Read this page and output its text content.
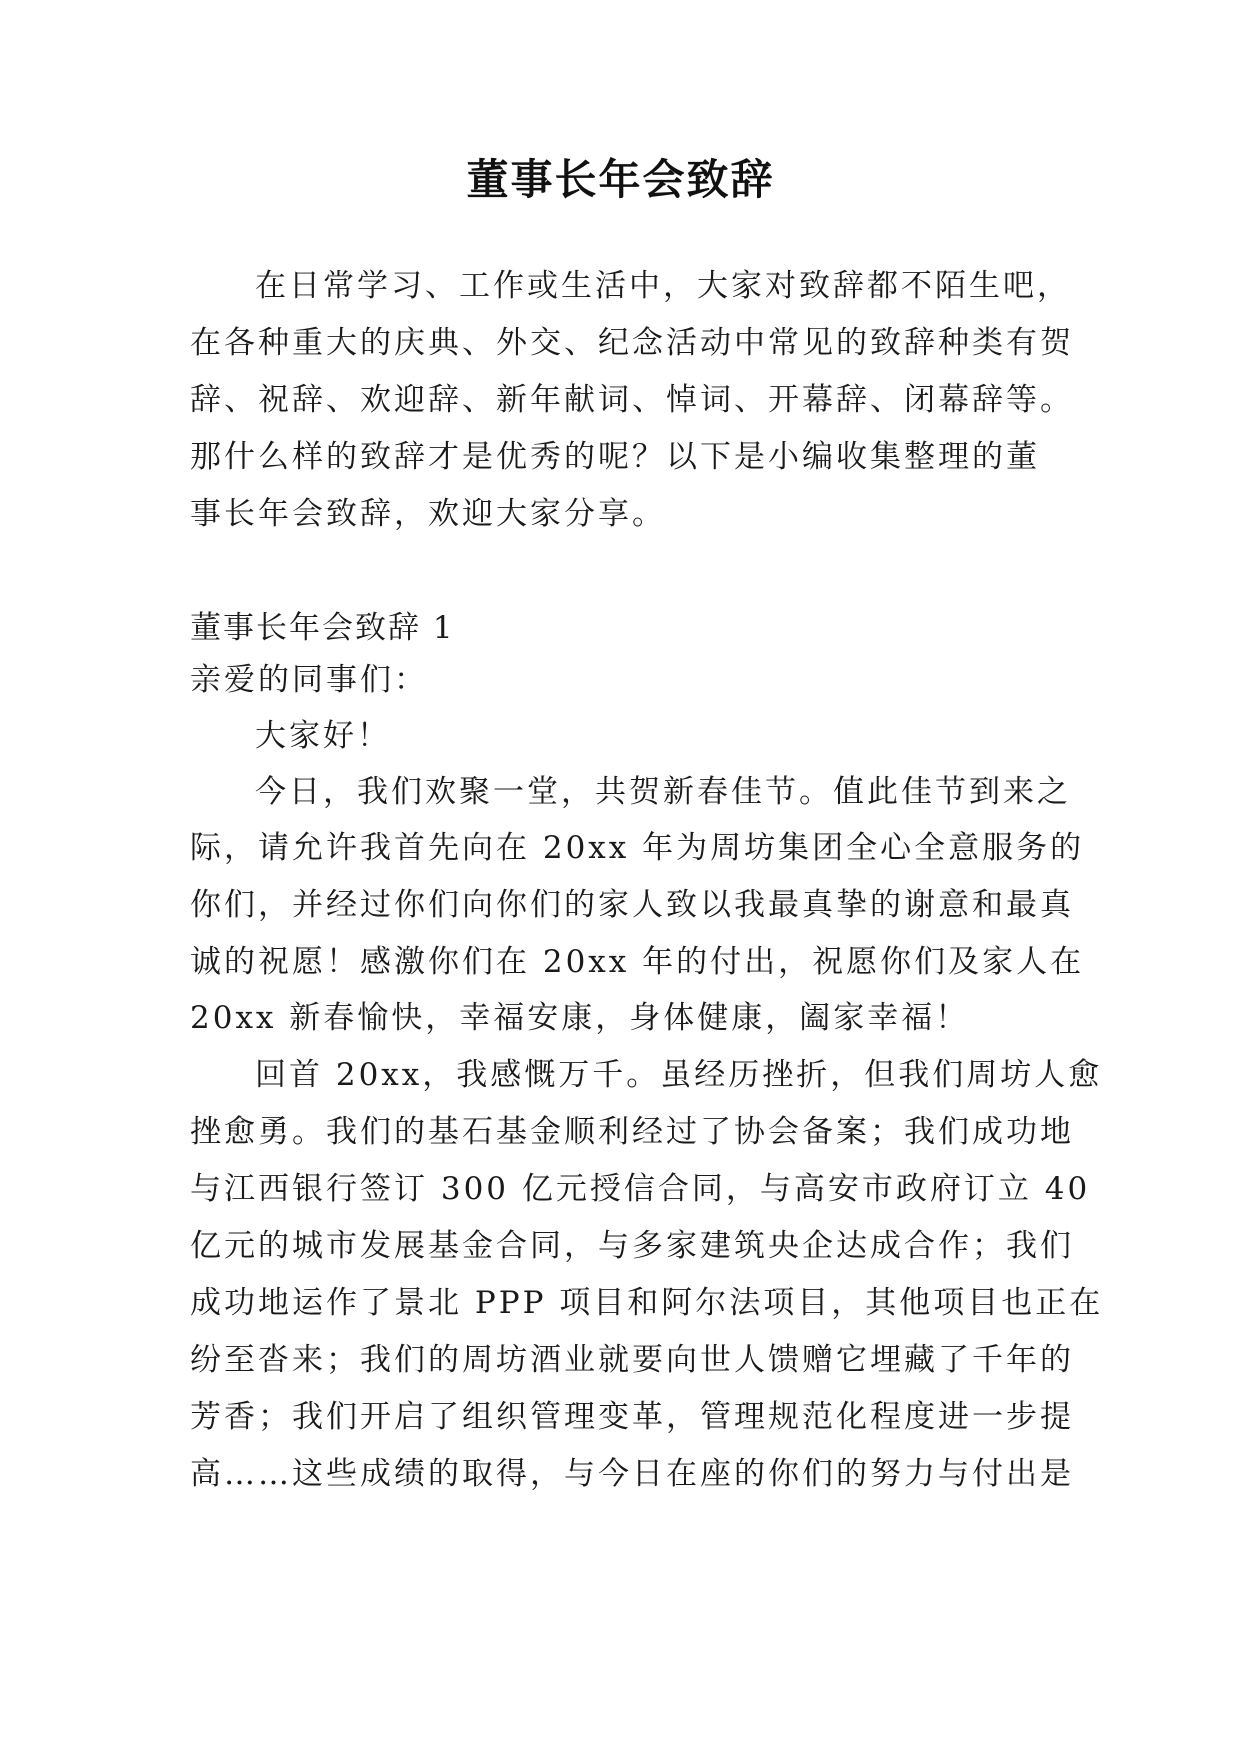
董事长年会致辞
在日常学习、工作或生活中，大家对致辞都不陌生吧，
在各种重大的庆典、外交、纪念活动中常见的致辞种类有贺
辞、祝辞、欢迎辞、新年献词、悼词、开幕辞、闭幕辞等。
那什么样的致辞才是优秀的呢？以下是小编收集整理的董
事长年会致辞，欢迎大家分享。
董事长年会致辞 1
亲爱的同事们：
大家好！
今日，我们欢聚一堂，共贺新春佳节。值此佳节到来之
际，请允许我首先向在 20xx 年为周坊集团全心全意服务的
你们，并经过你们向你们的家人致以我最真挚的谢意和最真
诚的祝愿！感激你们在 20xx 年的付出，祝愿你们及家人在
20xx 新春愉快，幸福安康，身体健康，阖家幸福！
回首 20xx，我感慨万千。虽经历挫折，但我们周坊人愈
挫愈勇。我们的基石基金顺利经过了协会备案；我们成功地
与江西银行签订 300 亿元授信合同，与高安市政府订立 40
亿元的城市发展基金合同，与多家建筑央企达成合作；我们
成功地运作了景北 PPP 项目和阿尔法项目，其他项目也正在
纷至沓来；我们的周坊酒业就要向世人馈赠它埋藏了千年的
芳香；我们开启了组织管理变革，管理规范化程度进一步提
高……这些成绩的取得，与今日在座的你们的努力与付出是
